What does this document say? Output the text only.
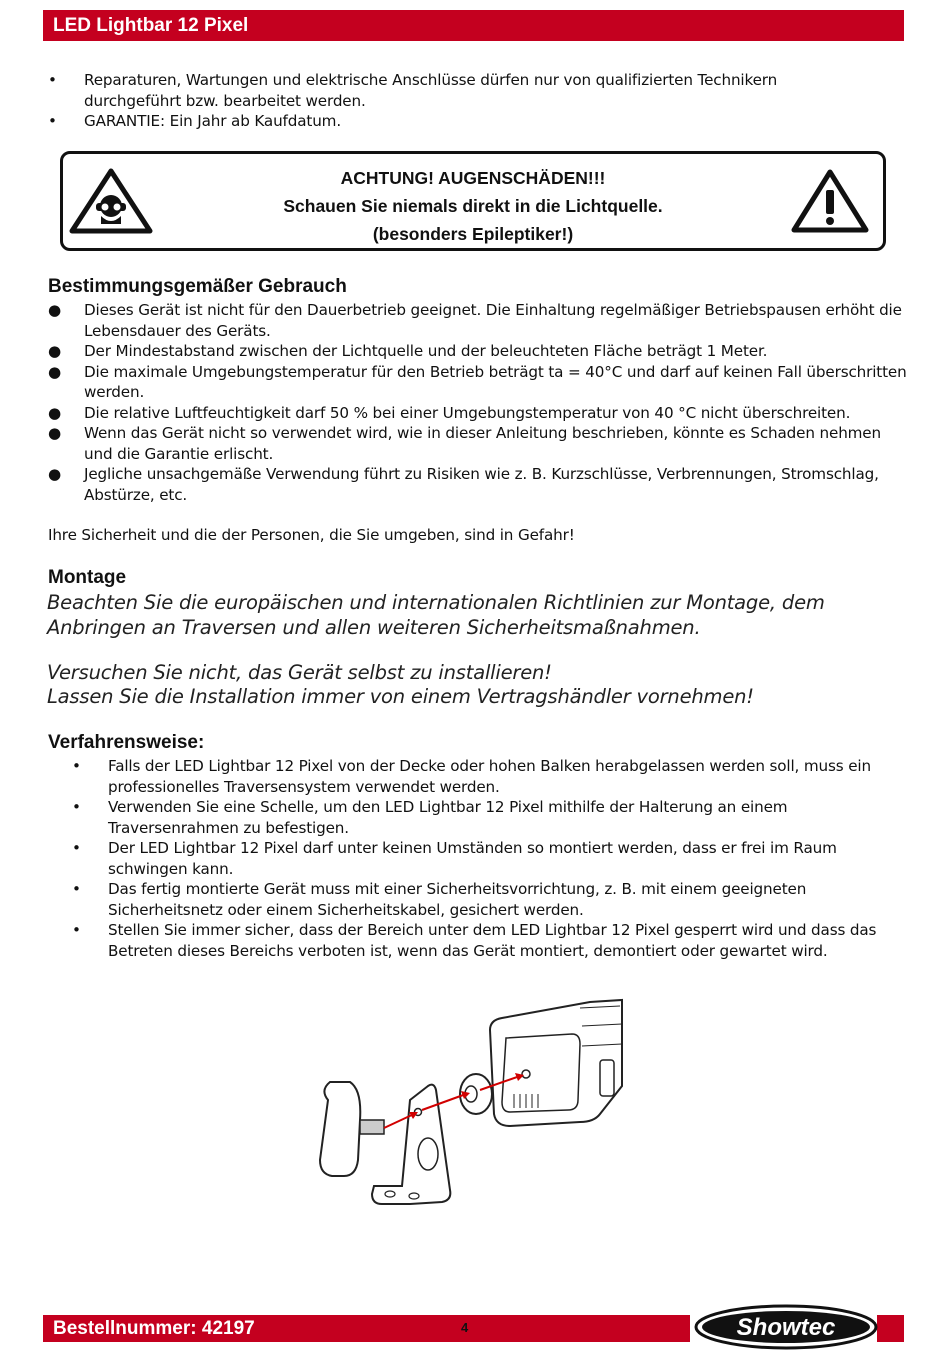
LED Lightbar 12 Pixel
•	Reparaturen, Wartungen und elektrische Anschlüsse dürfen nur von qualifizierten Technikern durchgeführt bzw. bearbeitet werden.
•	GARANTIE: Ein Jahr ab Kaufdatum.
ACHTUNG! AUGENSCHÄDEN!!!
Schauen Sie niemals direkt in die Lichtquelle.
(besonders Epileptiker!)
Bestimmungsgemäßer Gebrauch
●	Dieses Gerät ist nicht für den Dauerbetrieb geeignet. Die Einhaltung regelmäßiger Betriebspausen erhöht die Lebensdauer des Geräts.
●	Der Mindestabstand zwischen der Lichtquelle und der beleuchteten Fläche beträgt 1 Meter.
●	Die maximale Umgebungstemperatur für den Betrieb beträgt ta = 40°C und darf auf keinen Fall überschritten werden.
●	Die relative Luftfeuchtigkeit darf 50 % bei einer Umgebungstemperatur von 40 °C nicht überschreiten.
●	Wenn das Gerät nicht so verwendet wird, wie in dieser Anleitung beschrieben, könnte es Schaden nehmen und die Garantie erlischt.
●	Jegliche unsachgemäße Verwendung führt zu Risiken wie z. B. Kurzschlüsse, Verbrennungen, Stromschlag, Abstürze, etc.
Ihre Sicherheit und die der Personen, die Sie umgeben, sind in Gefahr!
Montage
Beachten Sie die europäischen und internationalen Richtlinien zur Montage, dem Anbringen an Traversen und allen weiteren Sicherheitsmaßnahmen.
Versuchen Sie nicht, das Gerät selbst zu installieren!
Lassen Sie die Installation immer von einem Vertragshändler vornehmen!
Verfahrensweise:
•	Falls der LED Lightbar 12 Pixel von der Decke oder hohen Balken herabgelassen werden soll, muss ein professionelles Traversensystem verwendet werden.
•	Verwenden Sie eine Schelle, um den LED Lightbar 12 Pixel mithilfe der Halterung an einem Traversenrahmen zu befestigen.
•	Der LED Lightbar 12 Pixel darf unter keinen Umständen so montiert werden, dass er frei im Raum schwingen kann.
•	Das fertig montierte Gerät muss mit einer Sicherheitsvorrichtung, z. B. mit einem geeigneten Sicherheitsnetz oder einem Sicherheitskabel, gesichert werden.
•	Stellen Sie immer sicher, dass der Bereich unter dem LED Lightbar 12 Pixel gesperrt wird und dass das Betreten dieses Bereichs verboten ist, wenn das Gerät montiert, demontiert oder gewartet wird.
Bestellnummer: 42197	4	Showtec
